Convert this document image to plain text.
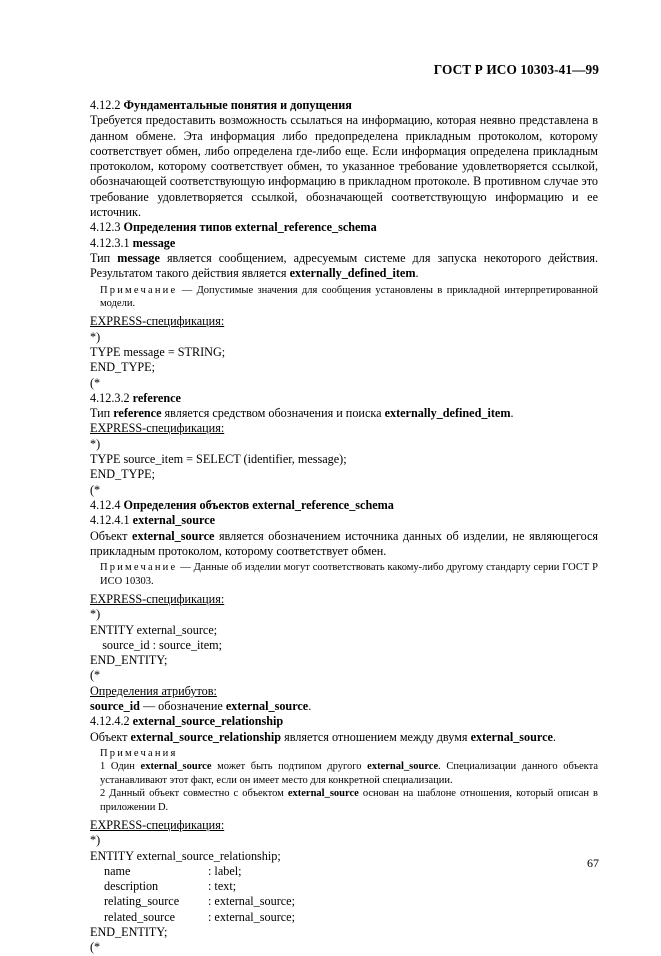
ГОСТ Р ИСО 10303-41—99

4.12.2 Фундаментальные понятия и допущения

Требуется предоставить возможность ссылаться на информацию, которая неявно представлена в данном обмене. Эта информация либо предопределена прикладным протоколом, которому соответствует обмен, либо определена где-либо еще. Если информация определена прикладным протоколом, которому соответствует обмен, то указанное требование удовлетворяется ссылкой, обозначающей соответствующую информацию в прикладном протоколе. В противном случае это требование удовлетворяется ссылкой, обозначающей соответствующую информацию и ее источник.

4.12.3 Определения типов external_reference_schema

4.12.3.1 message

Тип message является сообщением, адресуемым системе для запуска некоторого действия. Результатом такого действия является externally_defined_item.

Примечание — Допустимые значения для сообщения установлены в прикладной интерпретированной модели.

EXPRESS-спецификация:

*)

TYPE message = STRING;

END_TYPE;

(*

4.12.3.2 reference

Тип reference является средством обозначения и поиска externally_defined_item.

EXPRESS-спецификация:

*)

TYPE source_item = SELECT (identifier, message);

END_TYPE;

(*

4.12.4 Определения объектов external_reference_schema

4.12.4.1 external_source

Объект external_source является обозначением источника данных об изделии, не являющегося прикладным протоколом, которому соответствует обмен.

Примечание — Данные об изделии могут соответствовать какому-либо другому стандарту серии ГОСТ Р ИСО 10303.

EXPRESS-спецификация:

*)

ENTITY external_source;

source_id : source_item;

END_ENTITY;

(*

Определения атрибутов:

source_id — обозначение external_source.

4.12.4.2 external_source_relationship

Объект external_source_relationship является отношением между двумя external_source.

Примечания

1 Один external_source может быть подтипом другого external_source. Специализации данного объекта устанавливают этот факт, если он имеет место для конкретной специализации.

2 Данный объект совместно с объектом external_source основан на шаблоне отношения, который описан в приложении D.

EXPRESS-спецификация:

*)

ENTITY external_source_relationship;

name	: label;
description	: text;
relating_source	: external_source;
related_source	: external_source;

END_ENTITY;

(*

67
